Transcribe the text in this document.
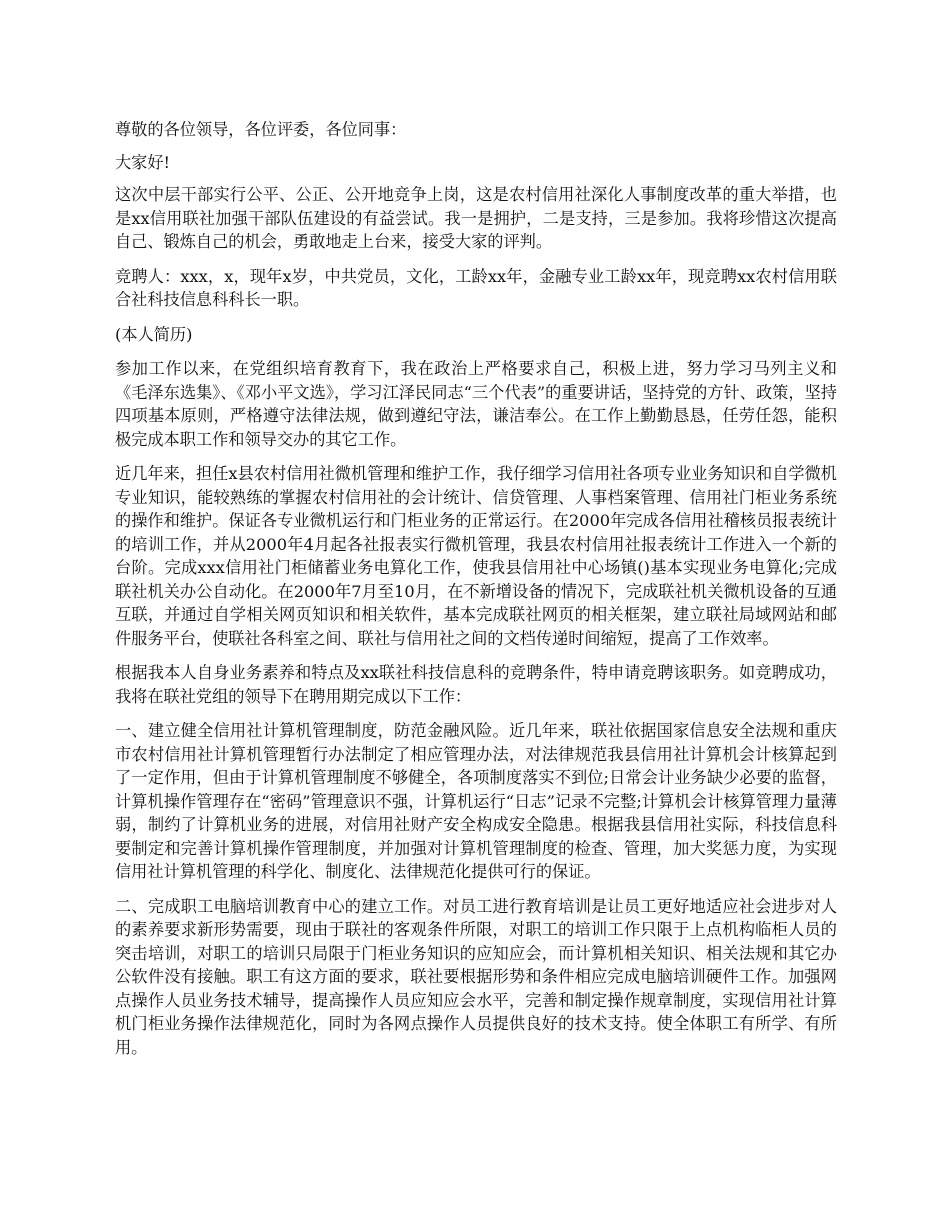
尊敬的各位领导，各位评委，各位同事：

大家好!

这次中层干部实行公平、公正、公开地竞争上岗，这是农村信用社深化人事制度改革的重大举措，也是xx信用联社加强干部队伍建设的有益尝试。我一是拥护，二是支持，三是参加。我将珍惜这次提高自己、锻炼自己的机会，勇敢地走上台来，接受大家的评判。

竞聘人：xxx，x，现年x岁，中共党员，文化，工龄xx年，金融专业工龄xx年，现竞聘xx农村信用联合社科技信息科科长一职。

(本人简历)

参加工作以来，在党组织培育教育下，我在政治上严格要求自己，积极上进，努力学习马列主义和《毛泽东选集》、《邓小平文选》，学习江泽民同志“三个代表”的重要讲话，坚持党的方针、政策，坚持四项基本原则，严格遵守法律法规，做到遵纪守法，谦洁奉公。在工作上勤勤恳恳，任劳任怨，能积极完成本职工作和领导交办的其它工作。

近几年来，担任x县农村信用社微机管理和维护工作，我仔细学习信用社各项专业业务知识和自学微机专业知识，能较熟练的掌握农村信用社的会计统计、信贷管理、人事档案管理、信用社门柜业务系统的操作和维护。保证各专业微机运行和门柜业务的正常运行。在2000年完成各信用社稽核员报表统计的培训工作，并从2000年4月起各社报表实行微机管理，我县农村信用社报表统计工作进入一个新的台阶。完成xxx信用社门柜储蓄业务电算化工作，使我县信用社中心场镇()基本实现业务电算化;完成联社机关办公自动化。在2000年7月至10月，在不新增设备的情况下，完成联社机关微机设备的互通互联，并通过自学相关网页知识和相关软件，基本完成联社网页的相关框架，建立联社局域网站和邮件服务平台，使联社各科室之间、联社与信用社之间的文档传递时间缩短，提高了工作效率。

根据我本人自身业务素养和特点及xx联社科技信息科的竞聘条件，特申请竞聘该职务。如竞聘成功，我将在联社党组的领导下在聘用期完成以下工作：

一、建立健全信用社计算机管理制度，防范金融风险。近几年来，联社依据国家信息安全法规和重庆市农村信用社计算机管理暂行办法制定了相应管理办法，对法律规范我县信用社计算机会计核算起到了一定作用，但由于计算机管理制度不够健全，各项制度落实不到位;日常会计业务缺少必要的监督，计算机操作管理存在“密码”管理意识不强，计算机运行“日志”记录不完整;计算机会计核算管理力量薄弱，制约了计算机业务的进展，对信用社财产安全构成安全隐患。根据我县信用社实际，科技信息科要制定和完善计算机操作管理制度，并加强对计算机管理制度的检查、管理，加大奖惩力度，为实现信用社计算机管理的科学化、制度化、法律规范化提供可行的保证。

二、完成职工电脑培训教育中心的建立工作。对员工进行教育培训是让员工更好地适应社会进步对人的素养要求新形势需要，现由于联社的客观条件所限，对职工的培训工作只限于上点机构临柜人员的突击培训，对职工的培训只局限于门柜业务知识的应知应会，而计算机相关知识、相关法规和其它办公软件没有接触。职工有这方面的要求，联社要根据形势和条件相应完成电脑培训硬件工作。加强网点操作人员业务技术辅导，提高操作人员应知应会水平，完善和制定操作规章制度，实现信用社计算机门柜业务操作法律规范化，同时为各网点操作人员提供良好的技术支持。使全体职工有所学、有所用。
